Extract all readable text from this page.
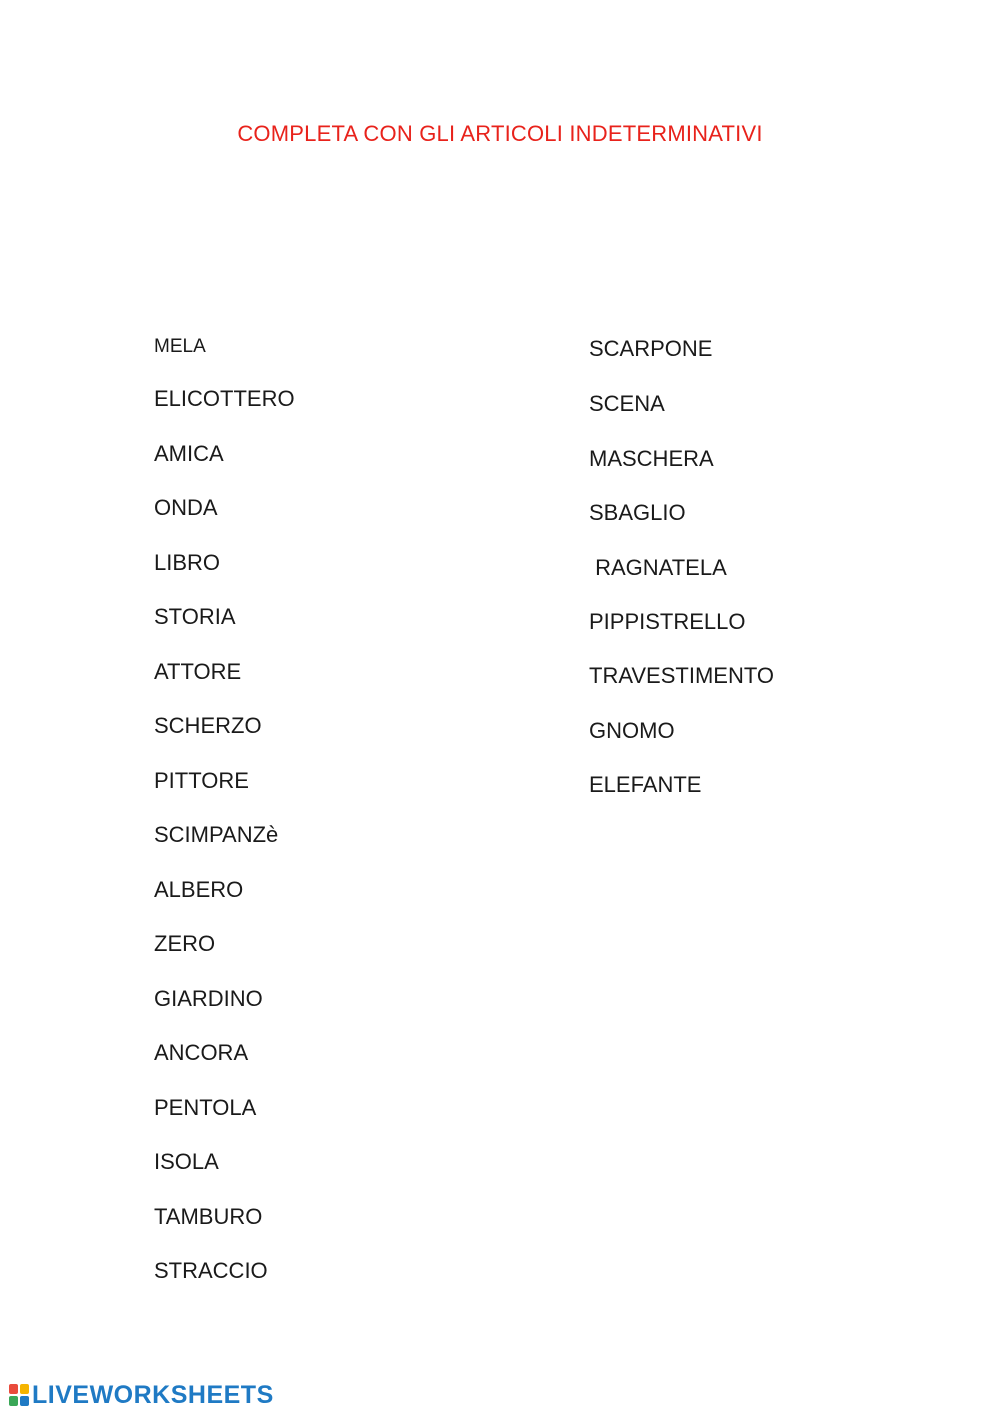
COMPLETA CON GLI ARTICOLI INDETERMINATIVI
MELA
ELICOTTERO
AMICA
ONDA
LIBRO
STORIA
ATTORE
SCHERZO
PITTORE
SCIMPANZè
ALBERO
ZERO
GIARDINO
ANCORA
PENTOLA
ISOLA
TAMBURO
STRACCIO
SCARPONE
SCENA
MASCHERA
SBAGLIO
RAGNATELA
PIPPISTRELLO
TRAVESTIMENTO
GNOMO
ELEFANTE
LIVEWORKSHEETS
